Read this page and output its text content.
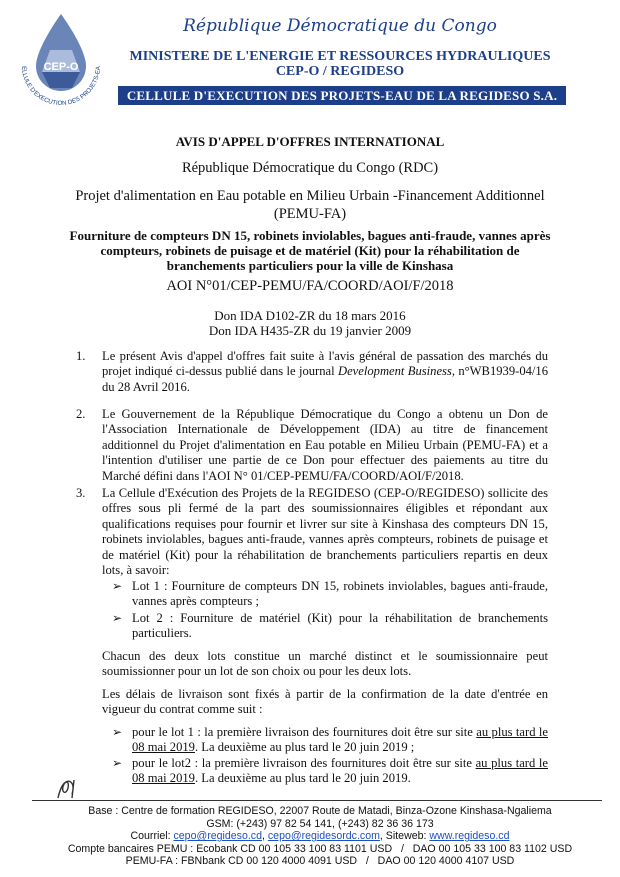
CEP-O
ELLULE D'EXECUTION DES PROJETS-EA
République Démocratique du Congo
MINISTERE DE L'ENERGIE ET RESSOURCES HYDRAULIQUES
CEP-O / REGIDESO
CELLULE D'EXECUTION DES PROJETS-EAU DE LA REGIDESO S.A.
AVIS D'APPEL D'OFFRES INTERNATIONAL
République Démocratique du Congo (RDC)
Projet d'alimentation en Eau potable en Milieu Urbain -Financement Additionnel
(PEMU-FA)
Fourniture de compteurs DN 15, robinets inviolables, bagues anti-fraude, vannes après
compteurs, robinets de puisage et de matériel (Kit) pour la réhabilitation de
branchements particuliers pour la ville de Kinshasa
AOI N°01/CEP-PEMU/FA/COORD/AOI/F/2018
Don IDA D102-ZR du 18 mars 2016
Don IDA H435-ZR du 19 janvier 2009
1. Le présent Avis d'appel d'offres fait suite à l'avis général de passation des marchés du projet indiqué ci-dessus publié dans le journal Development Business, n°WB1939-04/16 du 28 Avril 2016.
2. Le Gouvernement de la République Démocratique du Congo a obtenu un Don de l'Association Internationale de Développement (IDA) au titre de financement additionnel du Projet d'alimentation en Eau potable en Milieu Urbain (PEMU-FA) et a l'intention d'utiliser une partie de ce Don pour effectuer des paiements au titre du Marché défini dans l'AOI N° 01/CEP-PEMU/FA/COORD/AOI/F/2018.
3. La Cellule d'Exécution des Projets de la REGIDESO (CEP-O/REGIDESO) sollicite des offres sous pli fermé de la part des soumissionnaires éligibles et répondant aux qualifications requises pour fournir et livrer sur site à Kinshasa des compteurs DN 15, robinets inviolables, bagues anti-fraude, vannes après compteurs, robinets de puisage et de matériel (Kit) pour la réhabilitation de branchements particuliers repartis en deux lots, à savoir:
➢ Lot 1 : Fourniture de compteurs DN 15, robinets inviolables, bagues anti-fraude, vannes après compteurs ;
➢ Lot 2 : Fourniture de matériel (Kit) pour la réhabilitation de branchements particuliers.
Chacun des deux lots constitue un marché distinct et le soumissionnaire peut soumissionner pour un lot de son choix ou pour les deux lots.
Les délais de livraison sont fixés à partir de la confirmation de la date d'entrée en vigueur du contrat comme suit :
➢ pour le lot 1 : la première livraison des fournitures doit être sur site au plus tard le 08 mai 2019. La deuxième au plus tard le 20 juin 2019 ;
➢ pour le lot2 : la première livraison des fournitures doit être sur site au plus tard le 08 mai 2019. La deuxième au plus tard le 20 juin 2019.
Base : Centre de formation REGIDESO, 22007 Route de Matadi, Binza-Ozone Kinshasa-Ngaliema
GSM: (+243) 97 82 54 141, (+243) 82 36 36 173
Courriel: cepo@regideso.cd, cepo@regidesordc.com, Siteweb: www.regideso.cd
Compte bancaires PEMU : Ecobank CD 00 105 33 100 83 1101 USD   /   DAO 00 105 33 100 83 1102 USD
PEMU-FA : FBNbank CD 00 120 4000 4091 USD   /   DAO 00 120 4000 4107 USD
